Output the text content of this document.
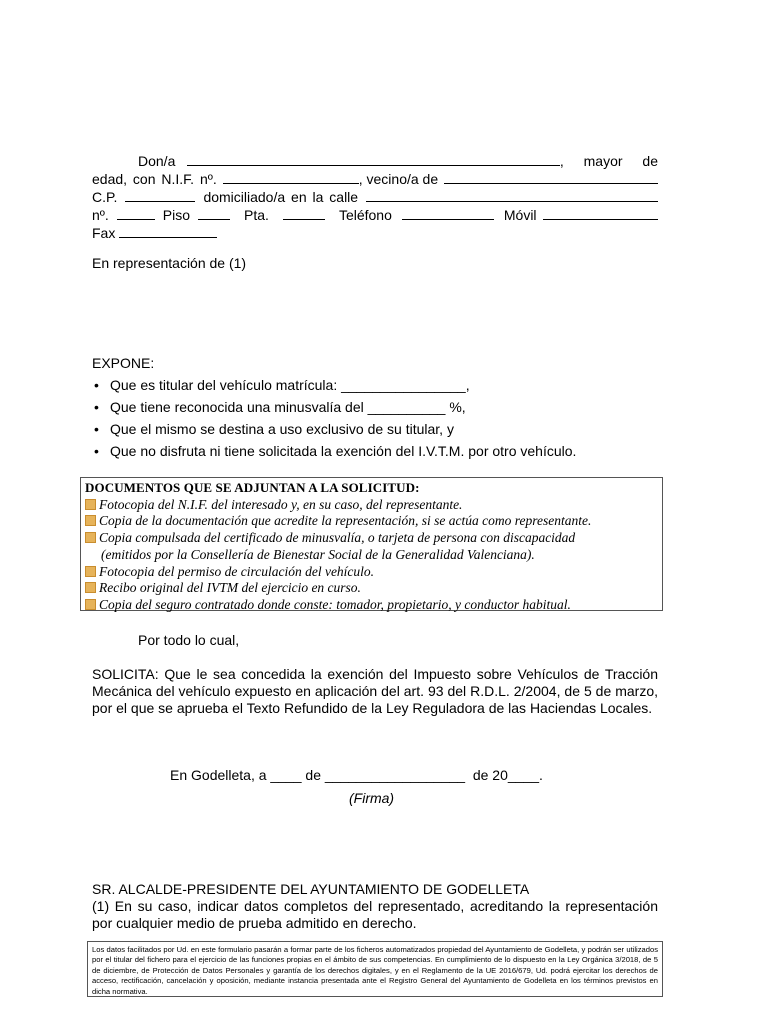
Don/a	, mayor de
edad, con N.I.F. nº.	, vecino/a de
C.P.	domiciliado/a en la calle
nº.	Piso	Pta.	Teléfono	Móvil
Fax
En representación de (1)
EXPONE:
• Que es titular del vehículo matrícula: ________________,
• Que tiene reconocida una minusvalía del __________ %,
• Que el mismo se destina a uso exclusivo de su titular, y
• Que no disfruta ni tiene solicitada la exención del I.V.T.M. por otro vehículo.
DOCUMENTOS QUE SE ADJUNTAN A LA SOLICITUD:
Fotocopia del N.I.F. del interesado y, en su caso, del representante.
Copia de la documentación que acredite la representación, si se actúa como representante.
Copia compulsada del certificado de minusvalía, o tarjeta de persona con discapacidad
(emitidos por la Consellería de Bienestar Social de la Generalidad Valenciana).
Fotocopia del permiso de circulación del vehículo.
Recibo original del IVTM del ejercicio en curso.
Copia del seguro contratado donde conste: tomador, propietario, y conductor habitual.
Por todo lo cual,
SOLICITA: Que le sea concedida la exención del Impuesto sobre Vehículos de Tracción Mecánica del vehículo expuesto en aplicación del art. 93 del R.D.L. 2/2004, de 5 de marzo, por el que se aprueba el Texto Refundido de la Ley Reguladora de las Haciendas Locales.
En Godelleta, a ____ de __________________  de 20____.
(Firma)
SR. ALCALDE-PRESIDENTE DEL AYUNTAMIENTO DE GODELLETA
(1) En su caso, indicar datos completos del representado, acreditando la representación por cualquier medio de prueba admitido en derecho.
Los datos facilitados por Ud. en este formulario pasarán a formar parte de los ficheros automatizados propiedad del Ayuntamiento de Godelleta, y podrán ser utilizados por el titular del fichero para el ejercicio de las funciones propias en el ámbito de sus competencias. En cumplimiento de lo dispuesto en la Ley Orgánica 3/2018, de 5 de diciembre, de Protección de Datos Personales y garantía de los derechos digitales, y en el Reglamento de la UE 2016/679, Ud. podrá ejercitar los derechos de acceso, rectificación, cancelación y oposición, mediante instancia presentada ante el Registro General del Ayuntamiento de Godelleta en los términos previstos en dicha normativa.
